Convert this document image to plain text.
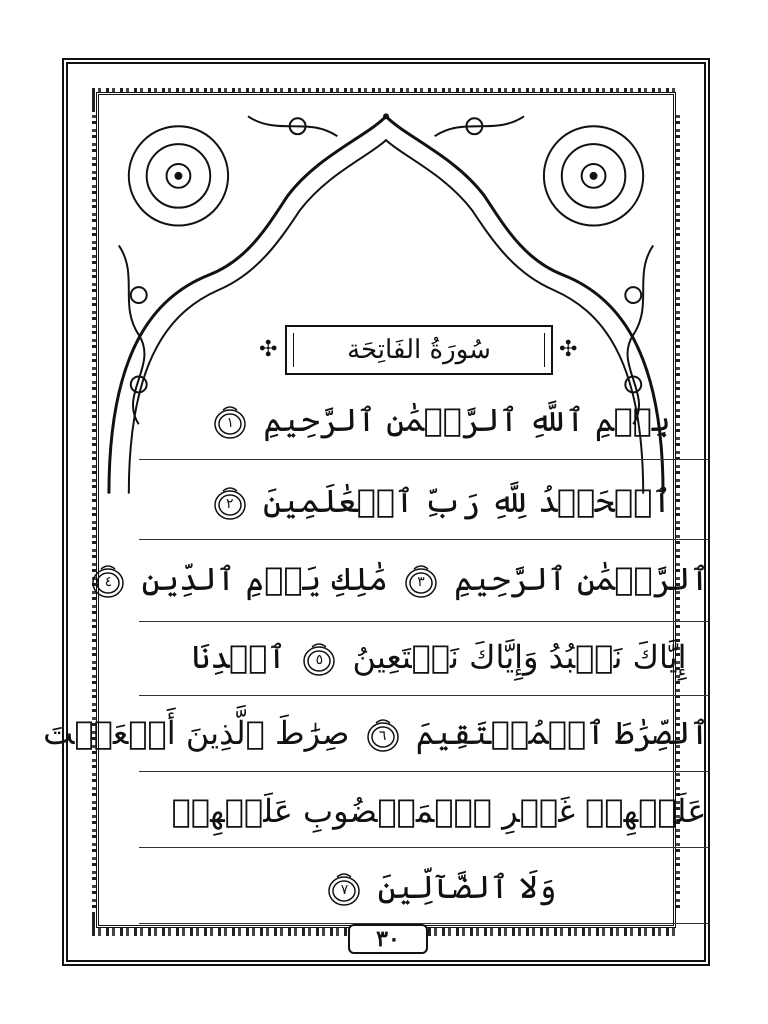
✣	سُورَةُ الفَاتِحَة	✣
بِسۡمِ ٱللَّهِ ٱلرَّحۡمَٰنِ ٱلرَّحِيمِ
١
ٱلۡحَمۡدُ لِلَّهِ رَبِّ ٱلۡعَٰلَمِينَ
٢
ٱلرَّحۡمَٰنِ ٱلرَّحِيمِ
٣
مَٰلِكِ يَوۡمِ ٱلدِّينِ
٤
إِيَّاكَ نَعۡبُدُ وَإِيَّاكَ نَسۡتَعِينُ
٥
ٱهۡدِنَا
ٱلصِّرَٰطَ ٱلۡمُسۡتَقِيمَ
٦
صِرَٰطَ ٱلَّذِينَ أَنۡعَمۡتَ
عَلَيۡهِمۡ غَيۡرِ ٱلۡمَغۡضُوبِ عَلَيۡهِمۡ
وَلَا ٱلضَّآلِّينَ
٧
٣٠
